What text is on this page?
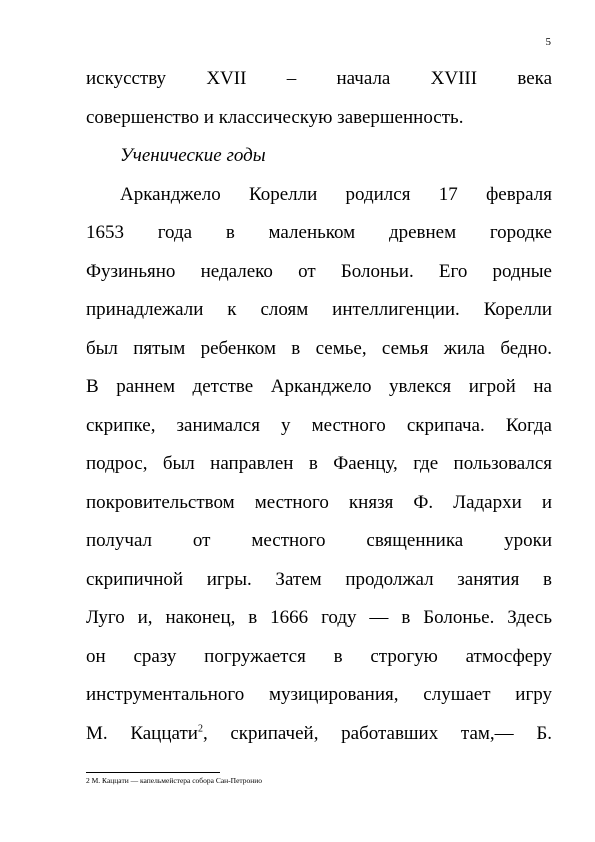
5
искусству XVII – начала XVIII века
совершенство и классическую завершенность.
Ученические годы
Арканджело Корелли родился 17 февраля
1653 года в маленьком древнем городке
Фузиньяно недалеко от Болоньи. Его родные
принадлежали к слоям интеллигенции. Корелли
был пятым ребенком в семье, семья жила бедно.
В раннем детстве Арканджело увлекся игрой на
скрипке, занимался у местного скрипача. Когда
подрос, был направлен в Фаенцу, где пользовался
покровительством местного князя Ф. Ладархи и
получал от местного священника уроки
скрипичной игры. Затем продолжал занятия в
Луго и, наконец, в 1666 году — в Болонье. Здесь
он сразу погружается в строгую атмосферу
инструментального музицирования, слушает игру
М. Каццати$^2$, скрипачей, работавших там,— Б.
2 М. Каццати — капельмейстера собора Сан-Петронио
